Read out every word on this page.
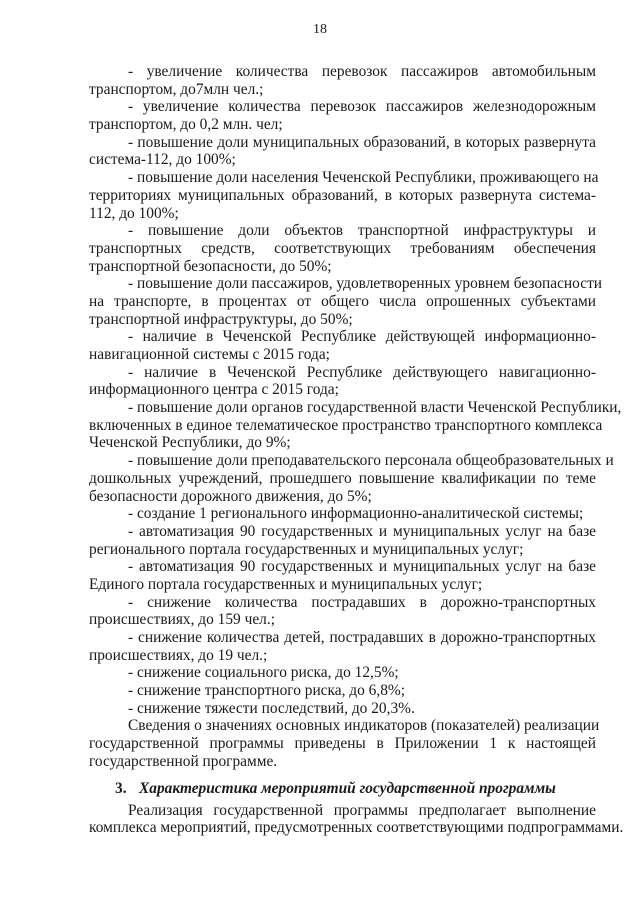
18
- увеличение количества перевозок пассажиров автомобильным
транспортом, до7млн чел.;
- увеличение количества перевозок пассажиров железнодорожным
транспортом, до 0,2 млн. чел;
- повышение доли муниципальных образований, в которых развернута
система-112, до 100%;
- повышение доли населения Чеченской Республики, проживающего на
территориях муниципальных образований, в которых развернута система-
112, до 100%;
- повышение доли объектов транспортной инфраструктуры и
транспортных средств, соответствующих требованиям обеспечения
транспортной безопасности, до 50%;
- повышение доли пассажиров, удовлетворенных уровнем безопасности
на транспорте, в процентах от общего числа опрошенных субъектами
транспортной инфраструктуры, до 50%;
- наличие в Чеченской Республике действующей информационно-
навигационной системы с 2015 года;
- наличие в Чеченской Республике действующего навигационно-
информационного центра с 2015 года;
- повышение доли органов государственной власти Чеченской Республики,
включенных в единое телематическое пространство транспортного комплекса
Чеченской Республики, до 9%;
- повышение доли преподавательского персонала общеобразовательных и
дошкольных учреждений, прошедшего повышение квалификации по теме
безопасности дорожного движения, до 5%;
- создание 1 регионального информационно-аналитической системы;
- автоматизация 90 государственных и муниципальных услуг на базе
регионального портала государственных и муниципальных услуг;
- автоматизация 90 государственных и муниципальных услуг на базе
Единого портала государственных и муниципальных услуг;
- снижение количества пострадавших в дорожно-транспортных
происшествиях, до 159 чел.;
- снижение количества детей, пострадавших в дорожно-транспортных
происшествиях, до 19 чел.;
- снижение социального риска, до 12,5%;
- снижение транспортного риска, до 6,8%;
- снижение тяжести последствий, до 20,3%.
Сведения о значениях основных индикаторов (показателей) реализации
государственной программы приведены в Приложении 1 к настоящей
государственной программе.
3. Характеристика мероприятий государственной программы
Реализация государственной программы предполагает выполнение
комплекса мероприятий, предусмотренных соответствующими подпрограммами.
